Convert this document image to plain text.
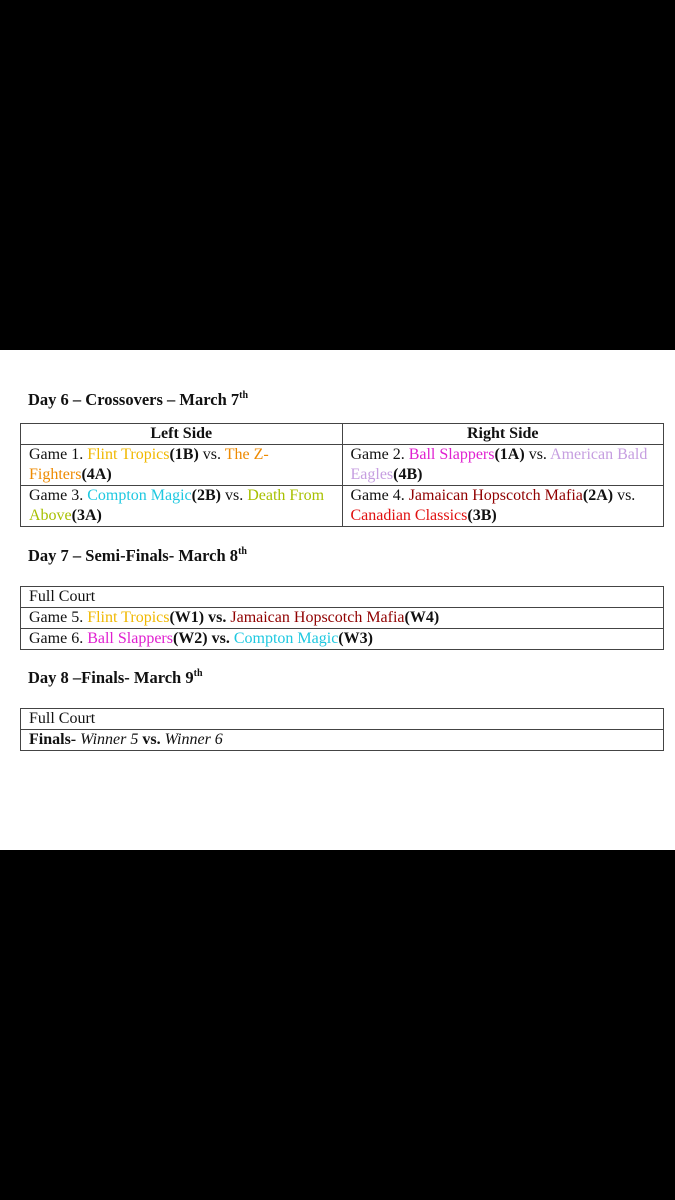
Day 6 – Crossovers – March 7th
Left Side	Right Side
Game 1. Flint Tropics(1B) vs. The Z-Fighters(4A)	Game 2. Ball Slappers(1A) vs. American Bald Eagles(4B)
Game 3. Compton Magic(2B) vs. Death From Above(3A)	Game 4. Jamaican Hopscotch Mafia(2A) vs. Canadian Classics(3B)
Day 7 – Semi-Finals- March 8th
Full Court
Game 5. Flint Tropics(W1) vs. Jamaican Hopscotch Mafia(W4)
Game 6. Ball Slappers(W2) vs. Compton Magic(W3)
Day 8 –Finals- March 9th
Full Court
Finals- Winner 5 vs. Winner 6
